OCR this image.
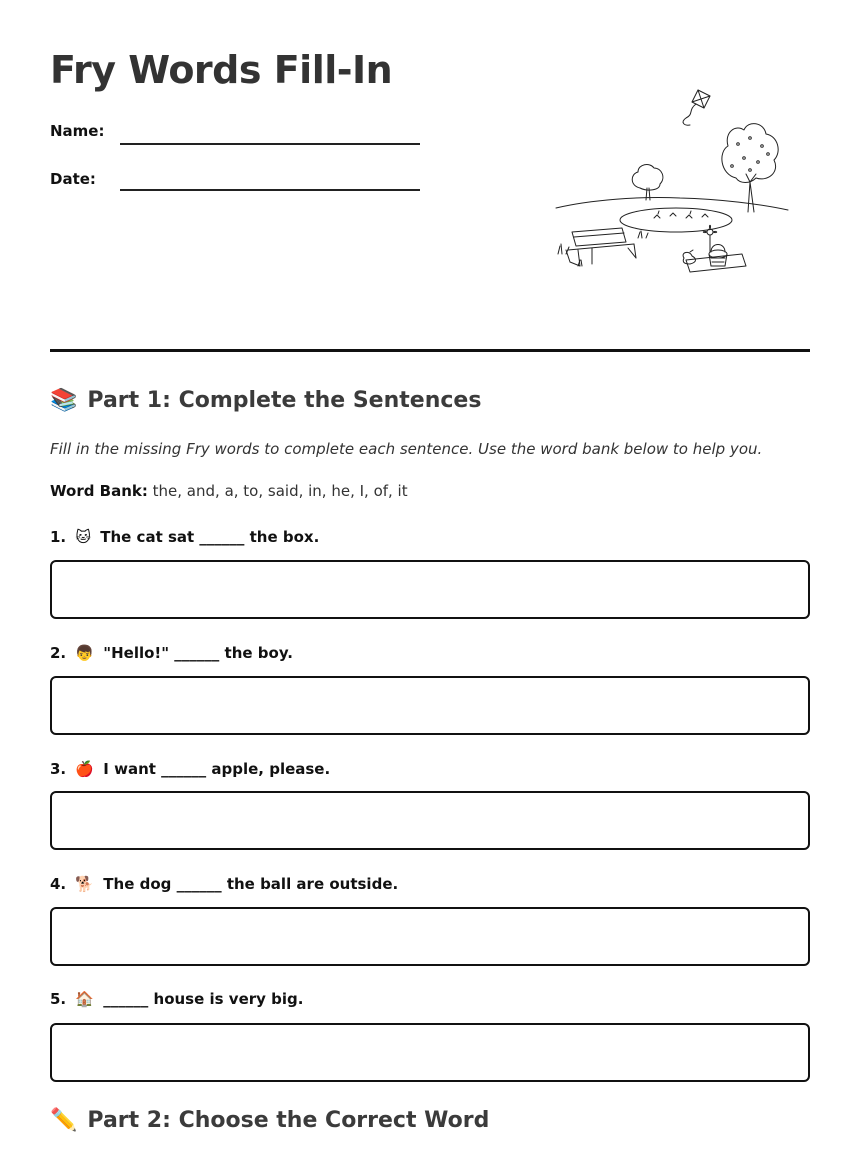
Fry Words Fill-In
Name:
Date:
📚 Part 1: Complete the Sentences
Fill in the missing Fry words to complete each sentence. Use the word bank below to help you.
Word Bank: the, and, a, to, said, in, he, I, of, it
1. 🐱 The cat sat ______ the box.
2. 👦 "Hello!" ______ the boy.
3. 🍎 I want ______ apple, please.
4. 🐕 The dog ______ the ball are outside.
5. 🏠 ______ house is very big.
✏️ Part 2: Choose the Correct Word
